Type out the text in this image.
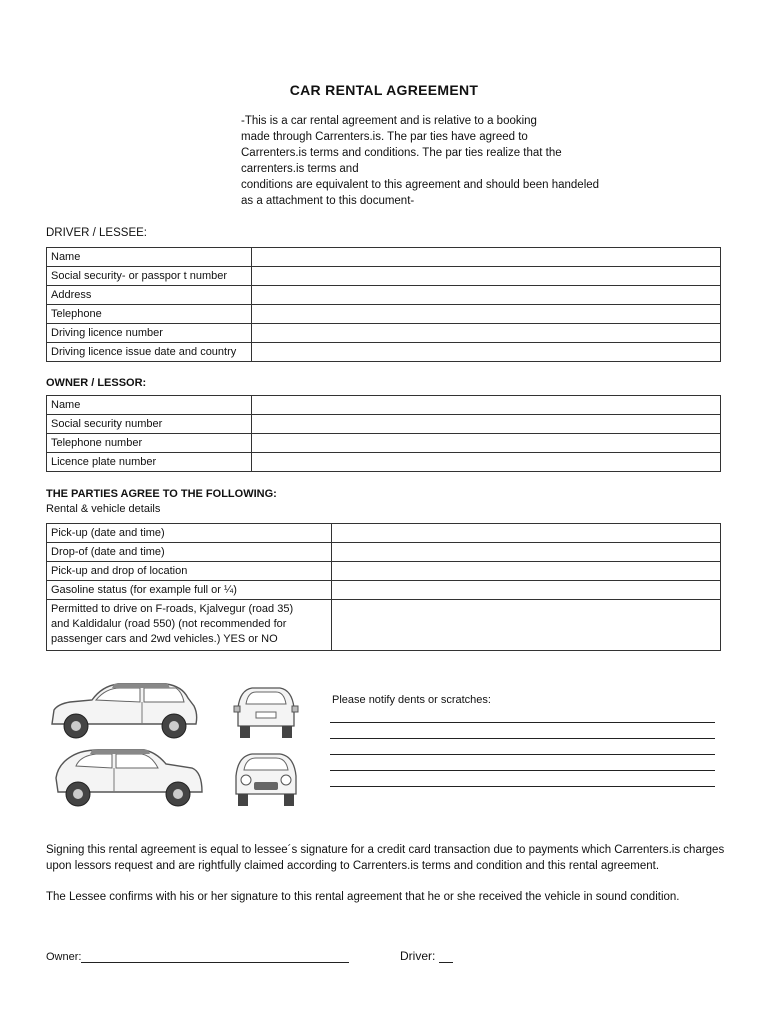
CAR RENTAL AGREEMENT
-This is a car rental agreement and is relative to a booking
made through Carrenters.is. The par ties have agreed to
Carrenters.is terms and conditions. The par ties realize that the
carrenters.is terms and
conditions are equivalent to this agreement and should been handeled
as a attachment to this document-
DRIVER / LESSEE:
Name	
Social security- or passpor t number	
Address	
Telephone	
Driving licence number	
Driving licence issue date and country	
OWNER / LESSOR:
Name	
Social security number	
Telephone number	
Licence plate number	
THE PARTIES AGREE TO THE FOLLOWING:
Rental & vehicle details
Pick-up (date and time)	
Drop-of (date and time)	
Pick-up and drop of location	
Gasoline status (for example full or ¼)	

Permitted to drive on F-roads, Kjalvegur (road 35)
and Kaldidalur (road 550) (not recommended for
passenger cars and 2wd vehicles.) YES or NO	

Please notify dents or scratches:
Signing this rental agreement is equal to lessee´s signature for a credit card transaction due to payments which Carrenters.is charges
upon lessors request and are rightfully claimed according to Carrenters.is terms and condition and this rental agreement.
The Lessee confirms with his or her signature to this rental agreement that he or she received the vehicle in sound condition.
Owner:	Driver:
